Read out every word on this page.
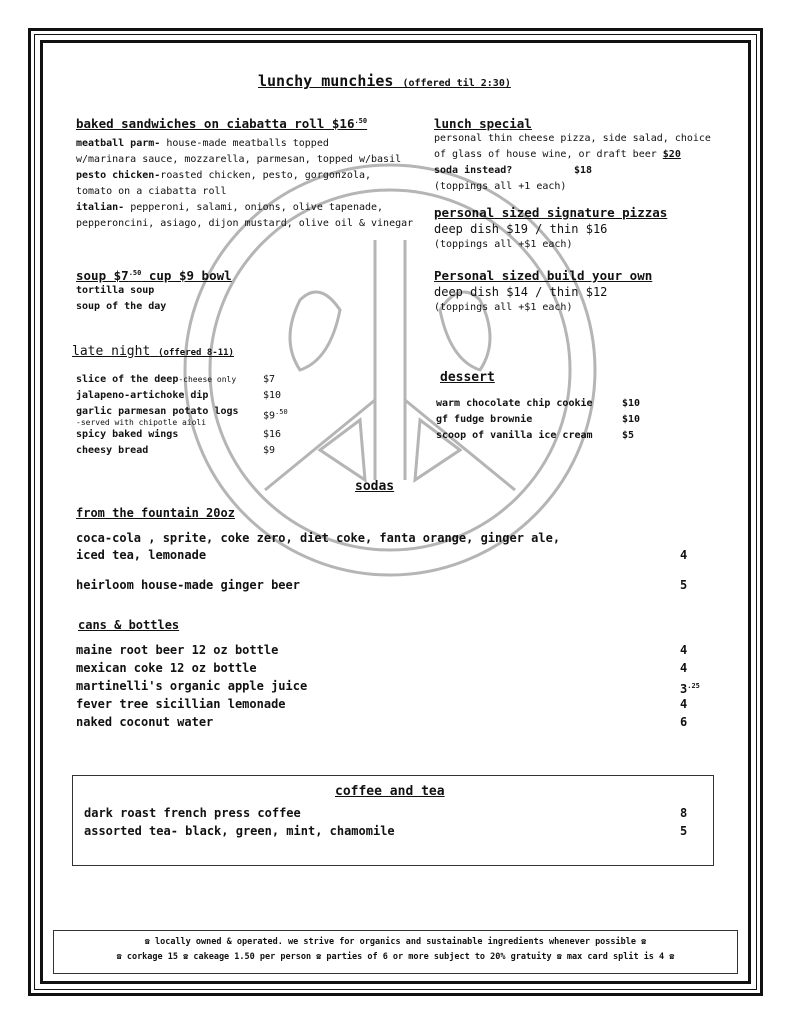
lunchy munchies (offered til 2:30)
baked sandwiches on ciabatta roll $\$16^{.50}$
meatball parm- house-made meatballs topped
w/marinara sauce, mozzarella, parmesan, topped w/basil
pesto chicken-roasted chicken, pesto, gorgonzola,
tomato on a ciabatta roll
italian- pepperoni, salami, onions, olive tapenade,
pepperoncini, asiago, dijon mustard, olive oil & vinegar
soup $\$7^{.50}$ cup $9 bowl
tortilla soup
soup of the day
late night (offered 8-11)
slice of the deep-cheese only	$7
jalapeno-artichoke dip	$10
garlic parmesan potato logs $\$9^{.50}$
-served with chipotle aioli
spicy baked wings	$16
cheesy bread	$9
lunch special
personal thin cheese pizza, side salad, choice
of glass of house wine, or draft beer $20
soda instead?	$18
(toppings all +1 each)
personal sized signature pizzas
deep dish $19 / thin $16
(toppings all +$1 each)
Personal sized build your own
deep dish $14 / thin $12
(toppings all +$1 each)
dessert
warm chocolate chip cookie	$10
gf fudge brownie	$10
scoop of vanilla ice cream	$5
sodas
from the fountain 20oz
coca-cola , sprite, coke zero, diet coke, fanta orange, ginger ale,
iced tea, lemonade	4
heirloom house-made ginger beer	5
cans & bottles
maine root beer 12 oz bottle	4
mexican coke 12 oz bottle	4
martinelli's organic apple juice	$3^{.25}$
fever tree sicillian lemonade	4
naked coconut water	6
coffee and tea
dark roast french press coffee	8
assorted tea- black, green, mint, chamomile	5
☎ locally owned & operated. we strive for organics and sustainable ingredients whenever possible ☎
☎ corkage 15 ☎ cakeage 1.50 per person ☎ parties of 6 or more subject to 20% gratuity ☎ max card split is 4 ☎
